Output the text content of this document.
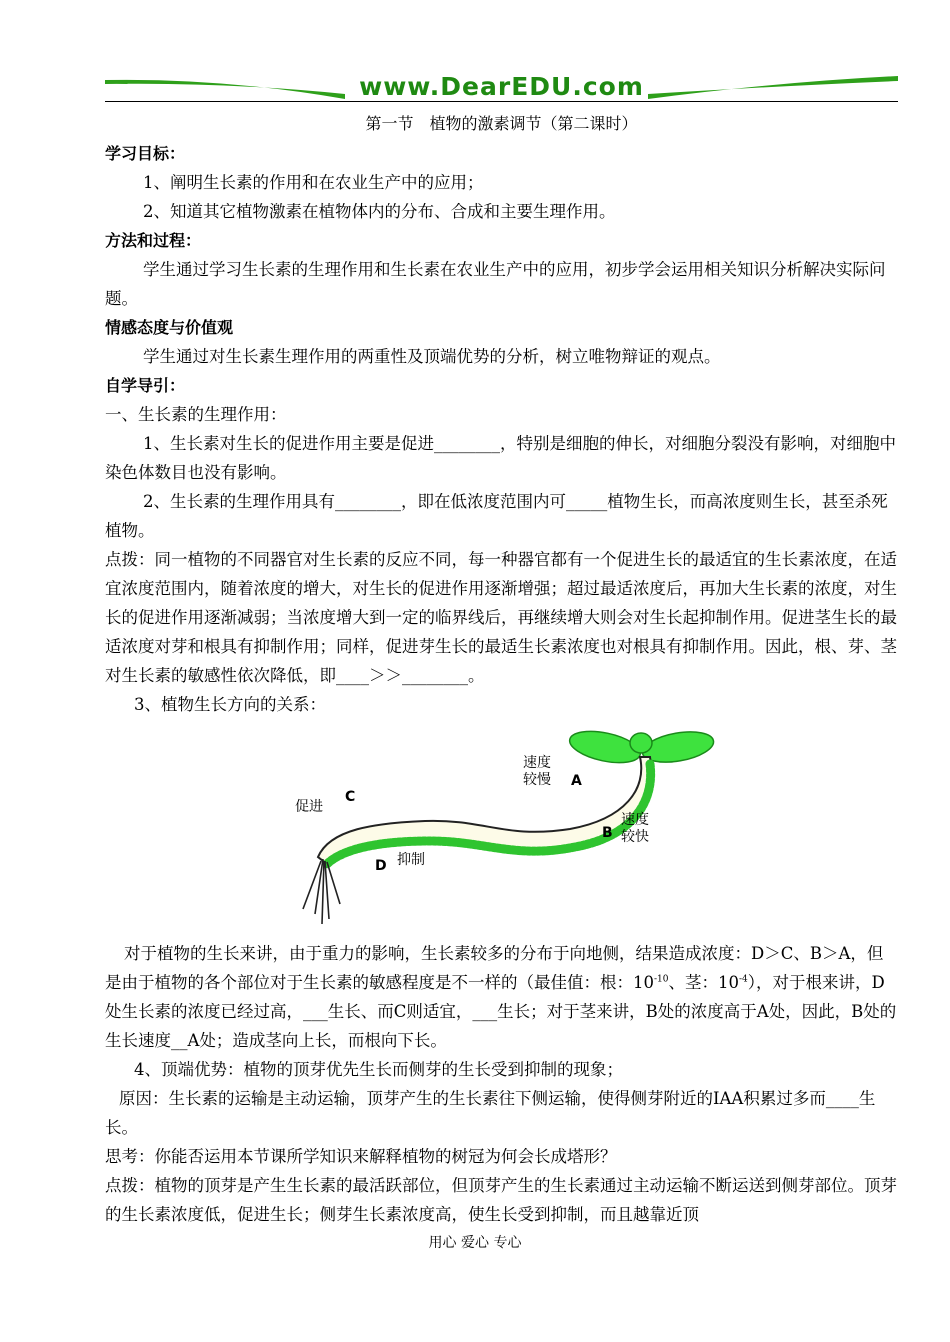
www.DearEDU.com
第一节　植物的激素调节（第二课时）

学习目标：

1、阐明生长素的作用和在农业生产中的应用；

2、知道其它植物激素在植物体内的分布、合成和主要生理作用。

方法和过程：

学生通过学习生长素的生理作用和生长素在农业生产中的应用，初步学会运用相关知识分析解决实际问题。

情感态度与价值观

学生通过对生长素生理作用的两重性及顶端优势的分析，树立唯物辩证的观点。

自学导引：

一、生长素的生理作用：

1、生长素对生长的促进作用主要是促进________，特别是细胞的伸长，对细胞分裂没有影响，对细胞中染色体数目也没有影响。

2、生长素的生理作用具有________，即在低浓度范围内可_____植物生长，而高浓度则生长，甚至杀死植物。

点拨：同一植物的不同器官对生长素的反应不同，每一种器官都有一个促进生长的最适宜的生长素浓度，在适宜浓度范围内，随着浓度的增大，对生长的促进作用逐渐增强；超过最适浓度后，再加大生长素的浓度，对生长的促进作用逐渐减弱；当浓度增大到一定的临界线后，再继续增大则会对生长起抑制作用。促进茎生长的最适浓度对芽和根具有抑制作用；同样，促进芽生长的最适生长素浓度也对根具有抑制作用。因此，根、芽、茎对生长素的敏感性依次降低，即____＞＞________。

3、植物生长方向的关系：

促进
C
D 抑制
速度
较慢 A
B
速度
较快

对于植物的生长来讲，由于重力的影响，生长素较多的分布于向地侧，结果造成浓度：D＞C、B＞A，但是由于植物的各个部位对于生长素的敏感程度是不一样的（最佳值：根：$10^{-10}$、茎：$10^{-4}$），对于根来讲，D处生长素的浓度已经过高，___生长、而C则适宜，___生长；对于茎来讲，B处的浓度高于A处，因此，B处的生长速度__A处；造成茎向上长，而根向下长。

4、顶端优势：植物的顶芽优先生长而侧芽的生长受到抑制的现象；

原因：生长素的运输是主动运输，顶芽产生的生长素往下侧运输，使得侧芽附近的IAA积累过多而____生长。

思考：你能否运用本节课所学知识来解释植物的树冠为何会长成塔形？

点拨：植物的顶芽是产生生长素的最活跃部位，但顶芽产生的生长素通过主动运输不断运送到侧芽部位。顶芽的生长素浓度低，促进生长；侧芽生长素浓度高，使生长受到抑制，而且越靠近顶

用心 爱心 专心
